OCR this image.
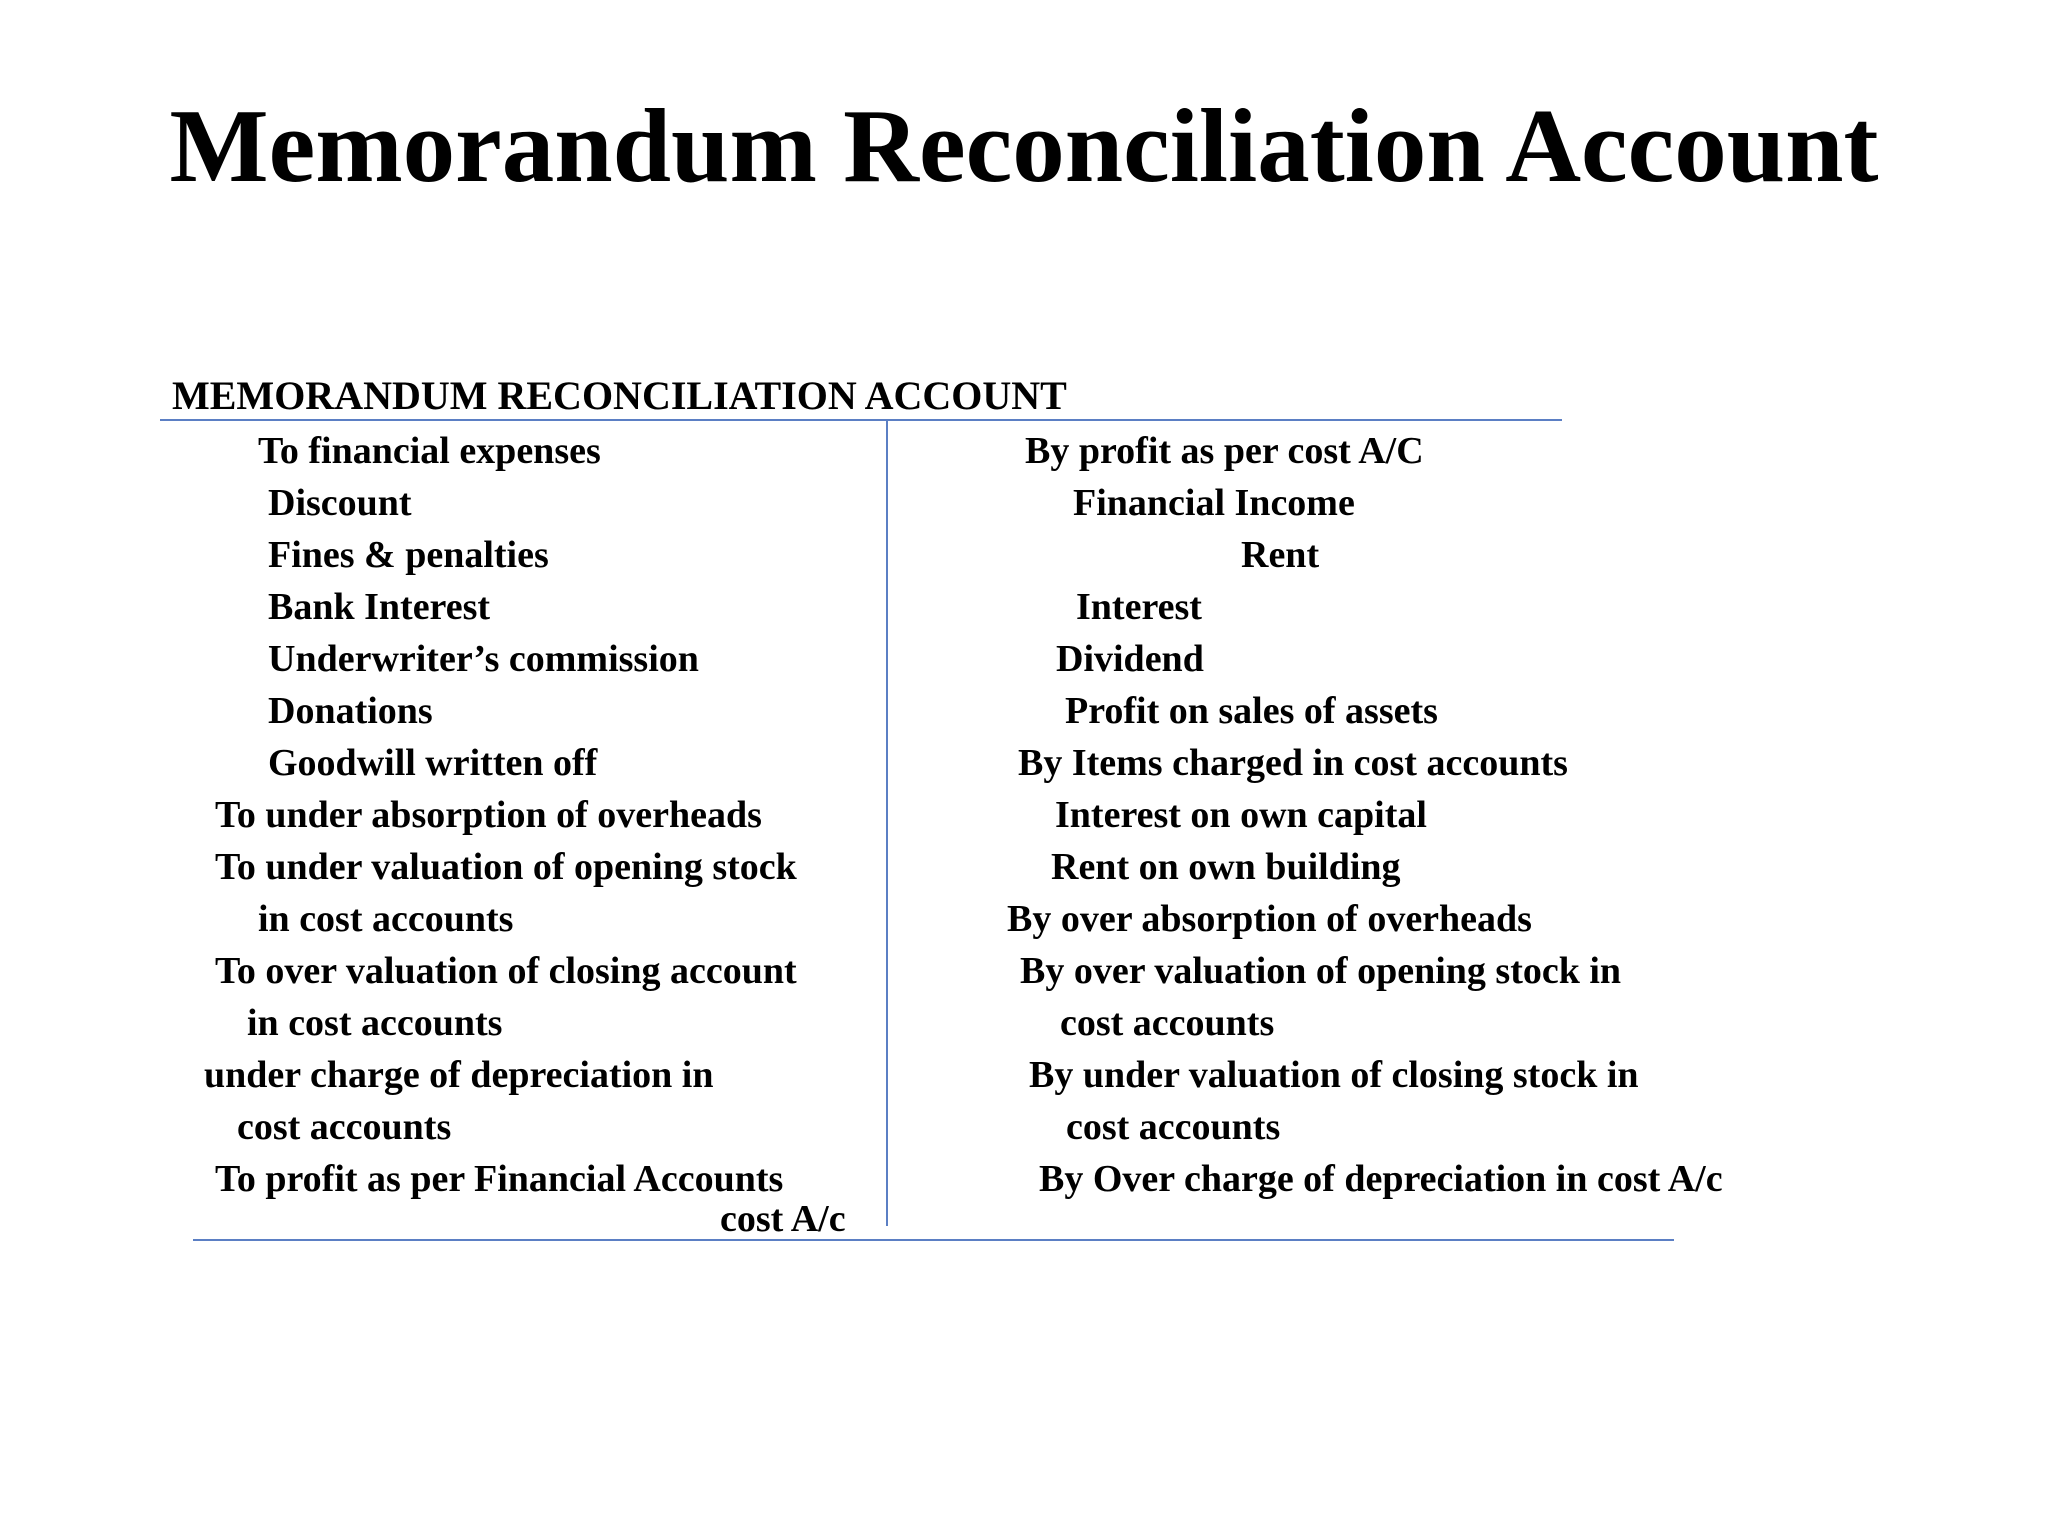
Memorandum Reconciliation Account
MEMORANDUM RECONCILIATION ACCOUNT
To financial expenses
Discount
Fines & penalties
Bank Interest
Underwriter’s commission
Donations
Goodwill written off
To under absorption of overheads
To under valuation of opening stock
in cost accounts
To over valuation of closing account
in cost accounts
under charge of depreciation in
cost accounts
To profit as per Financial Accounts
cost A/c
By profit as per cost A/C
Financial Income
Rent
Interest
Dividend
Profit on sales of assets
By Items charged in cost accounts
Interest on own capital
Rent on own building
By over absorption of overheads
By over valuation of opening stock in
cost accounts
By under valuation of closing stock in
cost accounts
By Over charge of depreciation in cost A/c
